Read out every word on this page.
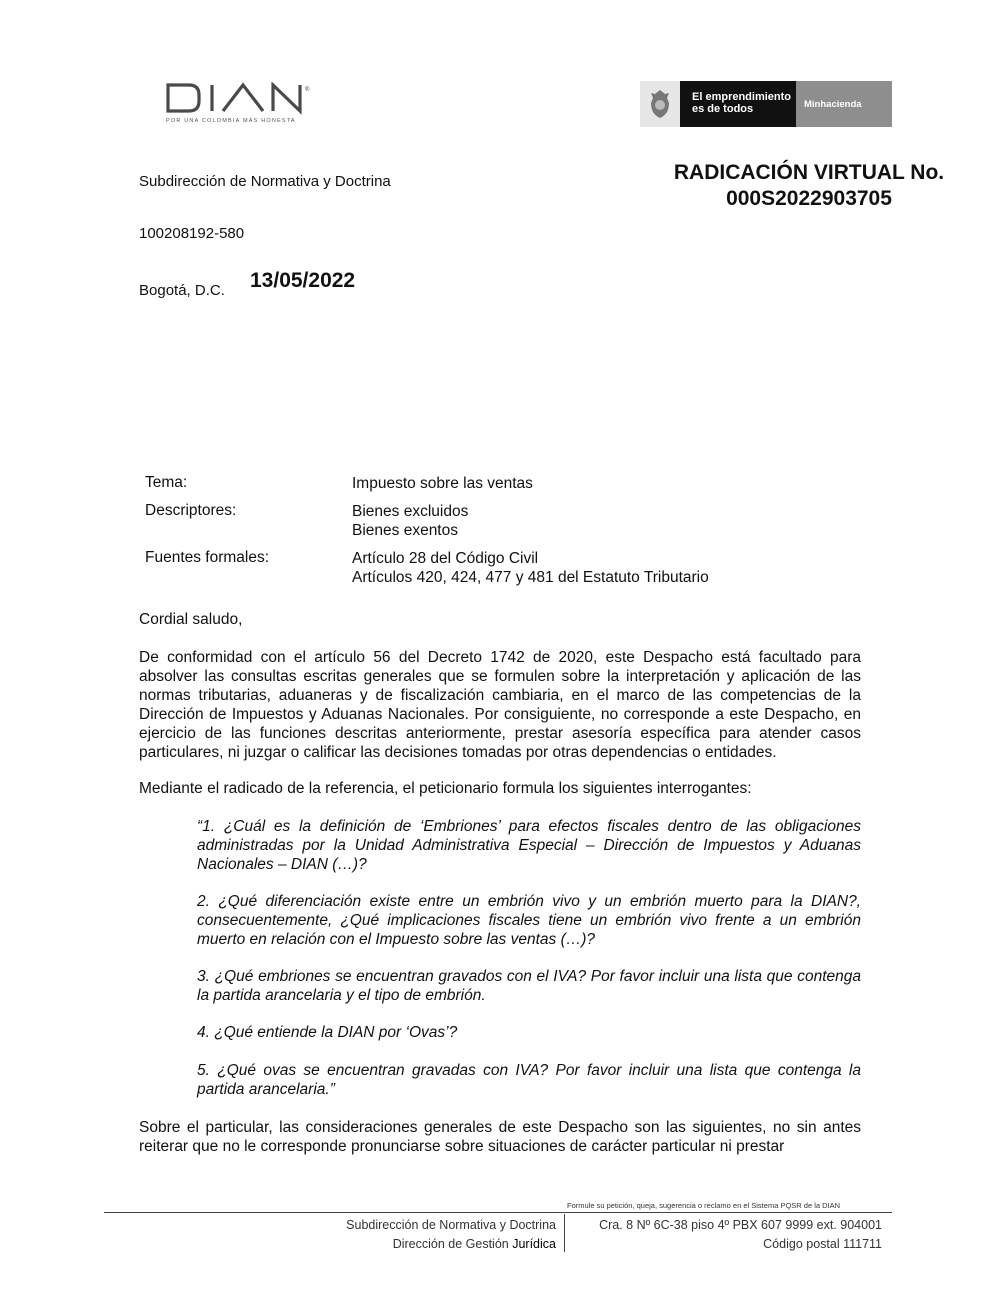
®
POR UNA COLOMBIA MÁS HONESTA
El emprendimiento
es de todos	Minhacienda
Subdirección de Normativa y Doctrina	RADICACIÓN VIRTUAL No.
000S2022903705
100208192-580
Bogotá, D.C. 13/05/2022
Tema:	Impuesto sobre las ventas
Descriptores:	Bienes excluidos
Bienes exentos
Fuentes formales:	Artículo 28 del Código Civil
Artículos 420, 424, 477 y 481 del Estatuto Tributario
Cordial saludo,
De conformidad con el artículo 56 del Decreto 1742 de 2020, este Despacho está facultado para absolver las consultas escritas generales que se formulen sobre la interpretación y aplicación de las normas tributarias, aduaneras y de fiscalización cambiaria, en el marco de las competencias de la Dirección de Impuestos y Aduanas Nacionales. Por consiguiente, no corresponde a este Despacho, en ejercicio de las funciones descritas anteriormente, prestar asesoría específica para atender casos particulares, ni juzgar o calificar las decisiones tomadas por otras dependencias o entidades.
Mediante el radicado de la referencia, el peticionario formula los siguientes interrogantes:
“1. ¿Cuál es la definición de ‘Embriones’ para efectos fiscales dentro de las obligaciones administradas por la Unidad Administrativa Especial – Dirección de Impuestos y Aduanas Nacionales – DIAN (…)?
2. ¿Qué diferenciación existe entre un embrión vivo y un embrión muerto para la DIAN?, consecuentemente, ¿Qué implicaciones fiscales tiene un embrión vivo frente a un embrión muerto en relación con el Impuesto sobre las ventas (…)?
3. ¿Qué embriones se encuentran gravados con el IVA? Por favor incluir una lista que contenga la partida arancelaria y el tipo de embrión.
4. ¿Qué entiende la DIAN por ‘Ovas’?
5. ¿Qué ovas se encuentran gravadas con IVA? Por favor incluir una lista que contenga la partida arancelaria.”
Sobre el particular, las consideraciones generales de este Despacho son las siguientes, no sin antes reiterar que no le corresponde pronunciarse sobre situaciones de carácter particular ni prestar
Formule su petición, queja, sugerencia o reclamo en el Sistema PQSR de la DIAN
Subdirección de Normativa y Doctrina
Dirección de Gestión Jurídica
Cra. 8 Nº 6C-38 piso 4º PBX 607 9999 ext. 904001
Código postal 111711
